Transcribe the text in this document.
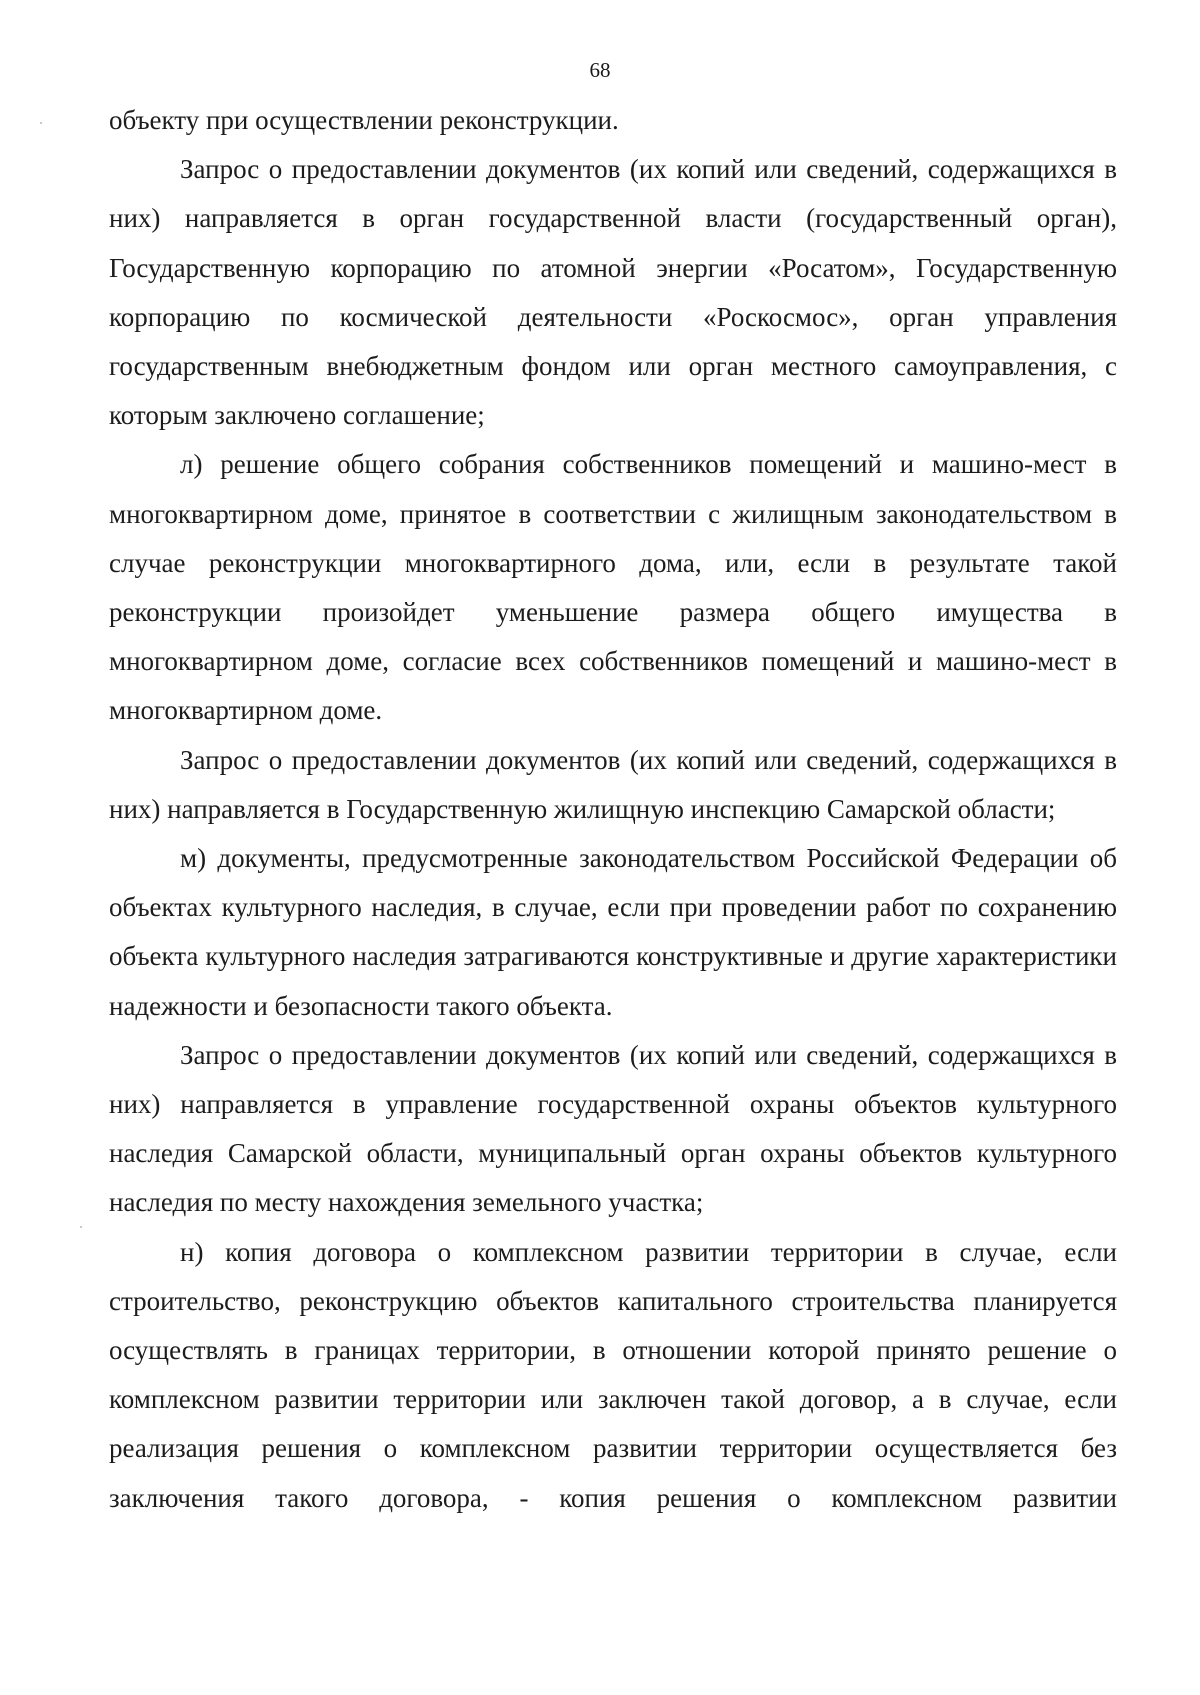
68

объекту при осуществлении реконструкции.

Запрос о предоставлении документов (их копий или сведений, содержащихся в них) направляется в орган государственной власти (государственный орган), Государственную корпорацию по атомной энергии «Росатом», Государственную корпорацию по космической деятельности «Роскосмос», орган управления государственным внебюджетным фондом или орган местного самоуправления, с которым заключено соглашение;

л) решение общего собрания собственников помещений и машино-мест в многоквартирном доме, принятое в соответствии с жилищным законодательством в случае реконструкции многоквартирного дома, или, если в результате такой реконструкции произойдет уменьшение размера общего имущества в многоквартирном доме, согласие всех собственников помещений и машино-мест в многоквартирном доме.

Запрос о предоставлении документов (их копий или сведений, содержащихся в них) направляется в Государственную жилищную инспекцию Самарской области;

м) документы, предусмотренные законодательством Российской Федерации об объектах культурного наследия, в случае, если при проведении работ по сохранению объекта культурного наследия затрагиваются конструктивные и другие характеристики надежности и безопасности такого объекта.

Запрос о предоставлении документов (их копий или сведений, содержащихся в них) направляется в управление государственной охраны объектов культурного наследия Самарской области, муниципальный орган охраны объектов культурного наследия по месту нахождения земельного участка;

н) копия договора о комплексном развитии территории в случае, если строительство, реконструкцию объектов капитального строительства планируется осуществлять в границах территории, в отношении которой принято решение о комплексном развитии территории или заключен такой договор, а в случае, если реализация решения о комплексном развитии территории осуществляется без заключения такого договора, - копия решения о комплексном развитии
